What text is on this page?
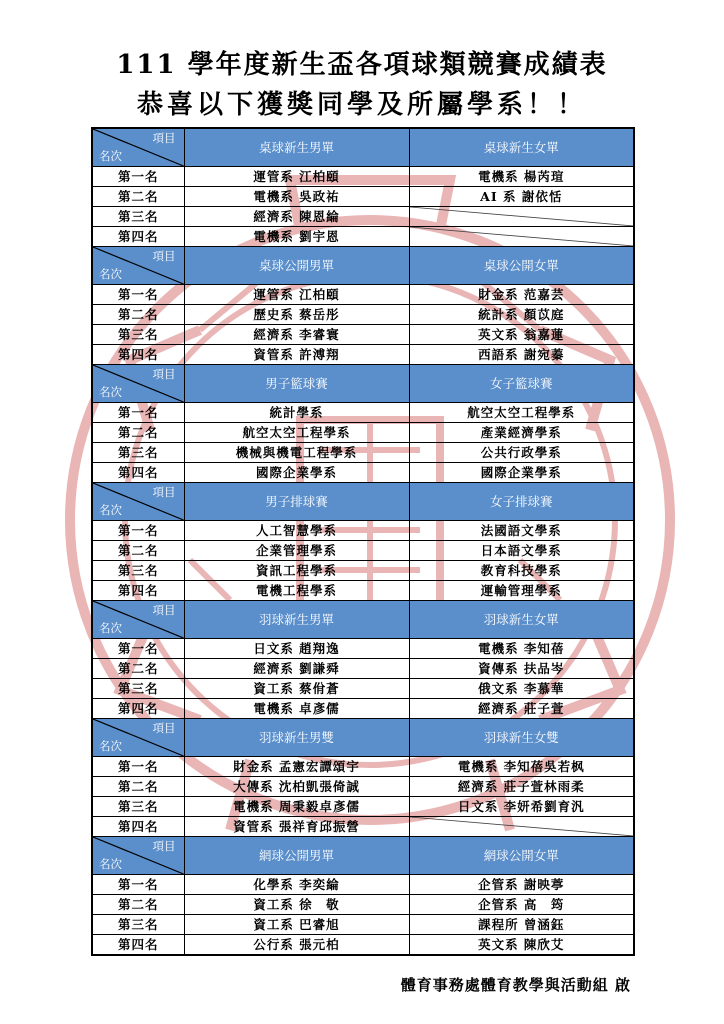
111 學年度新生盃各項球類競賽成績表
恭喜以下獲獎同學及所屬學系！！
項目
名次	桌球新生男單	桌球新生女單
第一名	運管系 江柏頤	電機系 楊芮瑄
第二名	電機系 吳政祐	AI 系 謝依恬
第三名	經濟系 陳恩綸	

第四名	電機系 劉宇恩	

項目
名次	桌球公開男單	桌球公開女單
第一名	運管系 江柏頤	財金系 范嘉芸
第二名	歷史系 蔡岳彤	統計系 顏苡庭
第三名	經濟系 李睿寰	英文系 翁嘉蓮
第四名	資管系 許溥翔	西語系 謝宛蓁

項目
名次	男子籃球賽	女子籃球賽
第一名	統計學系	航空太空工程學系
第二名	航空太空工程學系	產業經濟學系
第三名	機械與機電工程學系	公共行政學系
第四名	國際企業學系	國際企業學系

項目
名次	男子排球賽	女子排球賽
第一名	人工智慧學系	法國語文學系
第二名	企業管理學系	日本語文學系
第三名	資訊工程學系	教育科技學系
第四名	電機工程學系	運輸管理學系

項目
名次	羽球新生男單	羽球新生女單
第一名	日文系 趙翔逸	電機系 李知蓓
第二名	經濟系 劉謙舜	資傳系 扶品岑
第三名	資工系 蔡佾蒼	俄文系 李慕華
第四名	電機系 卓彥儒	經濟系 莊子萱

項目
名次	羽球新生男雙	羽球新生女雙
第一名	財金系 孟憲宏譚頌宇	電機系 李知蓓吳若枫
第二名	大傳系 沈柏凱張倚誠	經濟系 莊子萱林雨柔
第三名	電機系 周秉毅卓彥儒	日文系 李妍希劉育汎
第四名	資管系 張祥育邱振營	

項目
名次	網球公開男單	網球公開女單
第一名	化學系 李奕綸	企管系 謝映葶
第二名	資工系 徐　敬	企管系 高　筠
第三名	資工系 巴睿旭	課程所 曾涵鈺
第四名	公行系 張元柏	英文系 陳欣艾
體育事務處體育教學與活動組 啟
